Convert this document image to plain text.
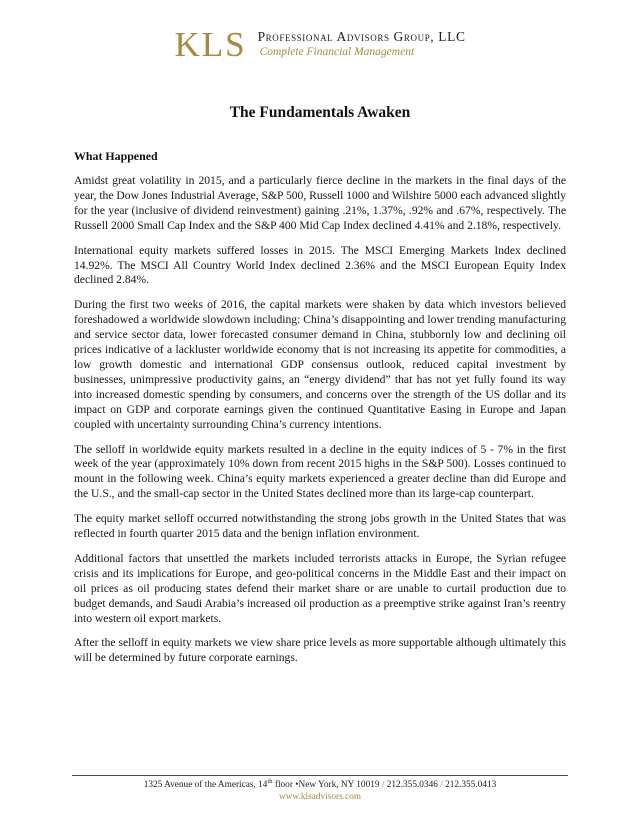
KLS Professional Advisors Group, LLC
Complete Financial Management
The Fundamentals Awaken
What Happened

Amidst great volatility in 2015, and a particularly fierce decline in the markets in the final days of the year, the Dow Jones Industrial Average, S&P 500, Russell 1000 and Wilshire 5000 each advanced slightly for the year (inclusive of dividend reinvestment) gaining .21%, 1.37%, .92% and .67%, respectively. The Russell 2000 Small Cap Index and the S&P 400 Mid Cap Index declined 4.41% and 2.18%, respectively.

International equity markets suffered losses in 2015. The MSCI Emerging Markets Index declined 14.92%. The MSCI All Country World Index declined 2.36% and the MSCI European Equity Index declined 2.84%.

During the first two weeks of 2016, the capital markets were shaken by data which investors believed foreshadowed a worldwide slowdown including: China’s disappointing and lower trending manufacturing and service sector data, lower forecasted consumer demand in China, stubbornly low and declining oil prices indicative of a lackluster worldwide economy that is not increasing its appetite for commodities, a low growth domestic and international GDP consensus outlook, reduced capital investment by businesses, unimpressive productivity gains, an “energy dividend” that has not yet fully found its way into increased domestic spending by consumers, and concerns over the strength of the US dollar and its impact on GDP and corporate earnings given the continued Quantitative Easing in Europe and Japan coupled with uncertainty surrounding China’s currency intentions.

The selloff in worldwide equity markets resulted in a decline in the equity indices of 5 - 7% in the first week of the year (approximately 10% down from recent 2015 highs in the S&P 500). Losses continued to mount in the following week. China’s equity markets experienced a greater decline than did Europe and the U.S., and the small-cap sector in the United States declined more than its large-cap counterpart.

The equity market selloff occurred notwithstanding the strong jobs growth in the United States that was reflected in fourth quarter 2015 data and the benign inflation environment.

Additional factors that unsettled the markets included terrorists attacks in Europe, the Syrian refugee crisis and its implications for Europe, and geo-political concerns in the Middle East and their impact on oil prices as oil producing states defend their market share or are unable to curtail production due to budget demands, and Saudi Arabia’s increased oil production as a preemptive strike against Iran’s reentry into western oil export markets.

After the selloff in equity markets we view share price levels as more supportable although ultimately this will be determined by future corporate earnings.

1325 Avenue of the Americas, 14th floor •New York, NY 10019 / 212.355.0346 / 212.355.0413
www.klsadvisors.com
